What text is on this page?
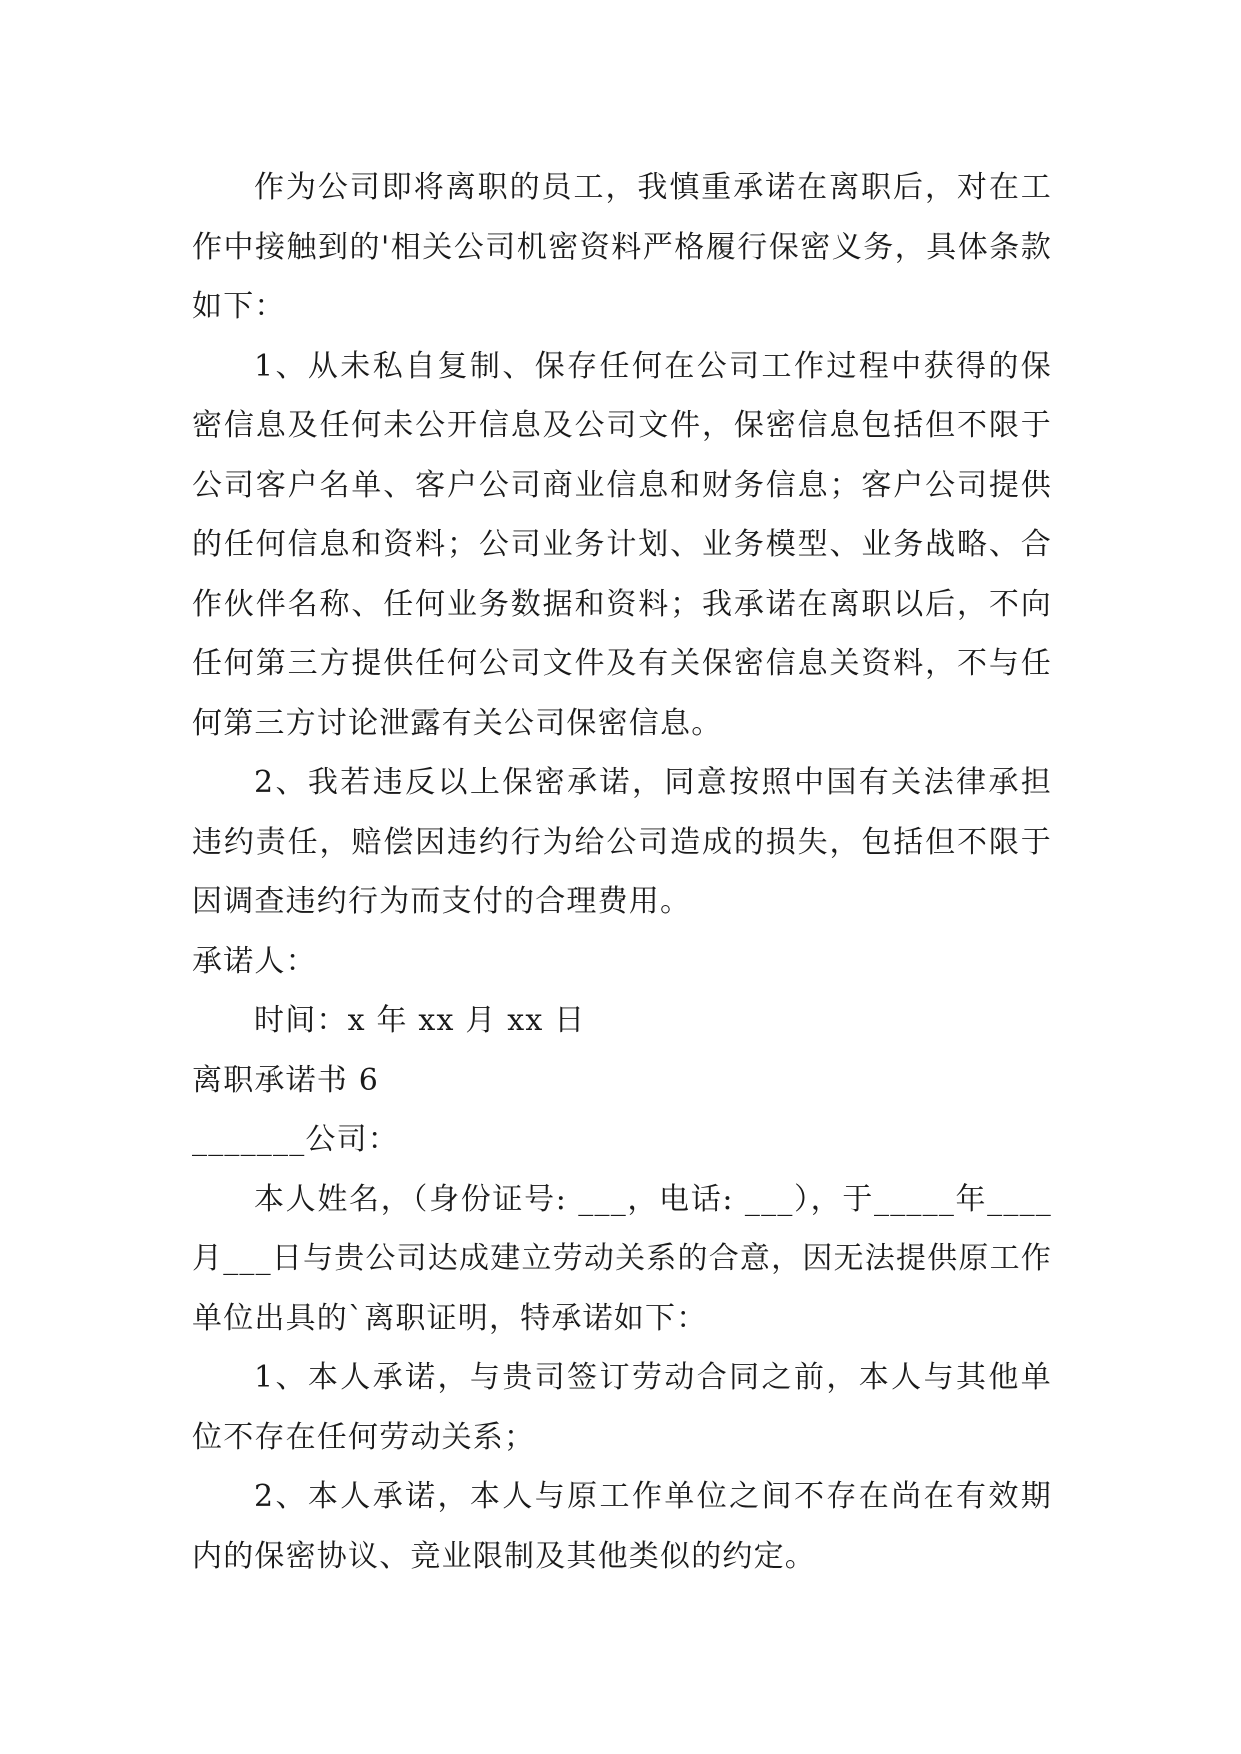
作为公司即将离职的员工，我慎重承诺在离职后，对在工作中接触到的'相关公司机密资料严格履行保密义务，具体条款如下：

1、从未私自复制、保存任何在公司工作过程中获得的保密信息及任何未公开信息及公司文件，保密信息包括但不限于公司客户名单、客户公司商业信息和财务信息；客户公司提供的任何信息和资料；公司业务计划、业务模型、业务战略、合作伙伴名称、任何业务数据和资料；我承诺在离职以后，不向任何第三方提供任何公司文件及有关保密信息关资料，不与任何第三方讨论泄露有关公司保密信息。

2、我若违反以上保密承诺，同意按照中国有关法律承担违约责任，赔偿因违约行为给公司造成的损失，包括但不限于因调查违约行为而支付的合理费用。

承诺人：

时间：x 年 xx 月 xx 日

离职承诺书 6

_______公司：

本人姓名，（身份证号: ___，电话: ___），于_____年____月___日与贵公司达成建立劳动关系的合意，因无法提供原工作单位出具的`离职证明，特承诺如下：

1、本人承诺，与贵司签订劳动合同之前，本人与其他单位不存在任何劳动关系；

2、本人承诺，本人与原工作单位之间不存在尚在有效期内的保密协议、竞业限制及其他类似的约定。
